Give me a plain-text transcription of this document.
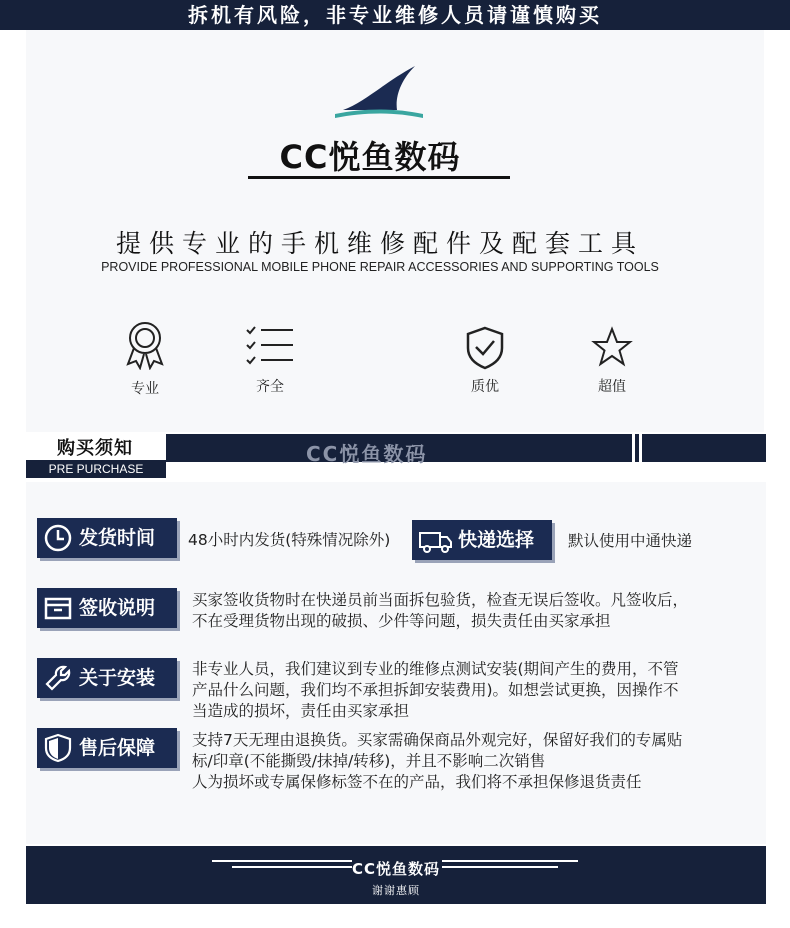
拆机有风险，非专业维修人员请谨慎购买
CC悦鱼数码
提供专业的手机维修配件及配套工具
PROVIDE PROFESSIONAL MOBILE PHONE REPAIR ACCESSORIES AND SUPPORTING TOOLS
专业	齐全	质优	超值
购买须知
PRE PURCHASE
CC悦鱼数码
发货时间 48小时内发货(特殊情况除外)	快递选择 默认使用中通快递
签收说明 买家签收货物时在快递员前当面拆包验货，检查无误后签收。凡签收后，
不在受理货物出现的破损、少件等问题，损失责任由买家承担
关于安装 非专业人员，我们建议到专业的维修点测试安装(期间产生的费用，不管
产品什么问题，我们均不承担拆卸安装费用)。如想尝试更换，因操作不
当造成的损坏，责任由买家承担
售后保障 支持7天无理由退换货。买家需确保商品外观完好，保留好我们的专属贴
标/印章(不能撕毁/抹掉/转移)，并且不影响二次销售
人为损坏或专属保修标签不在的产品，我们将不承担保修退货责任
CC悦鱼数码
谢谢惠顾
